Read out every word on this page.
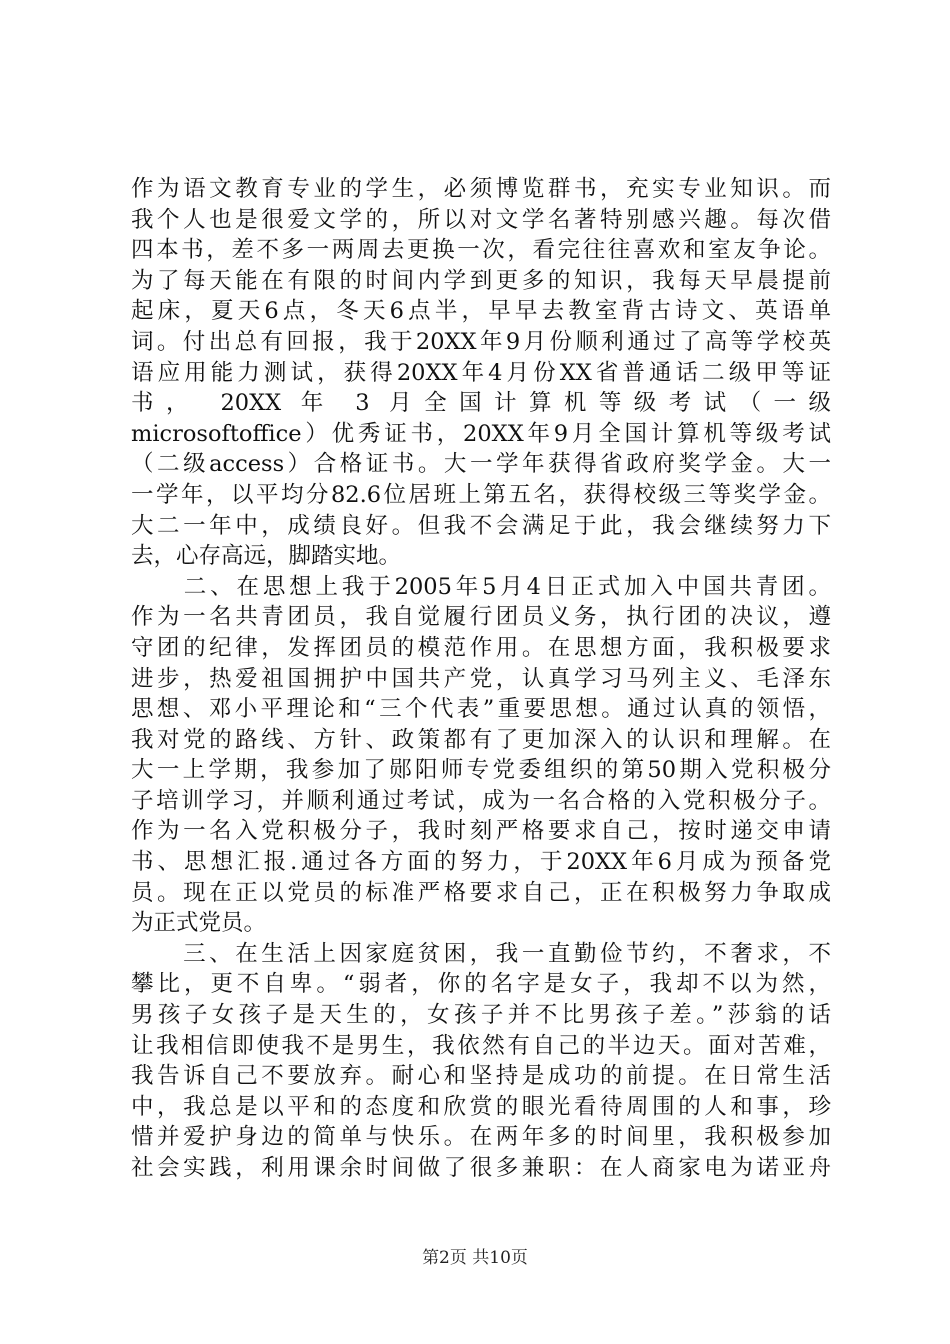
作为语文教育专业的学生，必须博览群书，充实专业知识。而
我个人也是很爱文学的，所以对文学名著特别感兴趣。每次借
四本书，差不多一两周去更换一次，看完往往喜欢和室友争论。
为了每天能在有限的时间内学到更多的知识，我每天早晨提前
起床，夏天6点，冬天6点半，早早去教室背古诗文、英语单
词。付出总有回报，我于20XX年9月份顺利通过了高等学校英
语应用能力测试，获得20XX年4月份XX省普通话二级甲等证
书， 20XX 年 3 月全国计算机等级考试（一级
microsoftoffice）优秀证书，20XX年9月全国计算机等级考试
（二级access）合格证书。大一学年获得省政府奖学金。大一
一学年，以平均分82.6位居班上第五名，获得校级三等奖学金。
大二一年中，成绩良好。但我不会满足于此，我会继续努力下
去，心存高远，脚踏实地。
　　二、在思想上我于2005年5月4日正式加入中国共青团。
作为一名共青团员，我自觉履行团员义务，执行团的决议，遵
守团的纪律，发挥团员的模范作用。在思想方面，我积极要求
进步，热爱祖国拥护中国共产党，认真学习马列主义、毛泽东
思想、邓小平理论和“三个代表”重要思想。通过认真的领悟，
我对党的路线、方针、政策都有了更加深入的认识和理解。在
大一上学期，我参加了郧阳师专党委组织的第50期入党积极分
子培训学习，并顺利通过考试，成为一名合格的入党积极分子。
作为一名入党积极分子，我时刻严格要求自己，按时递交申请
书、思想汇报.通过各方面的努力，于20XX年6月成为预备党
员。现在正以党员的标准严格要求自己，正在积极努力争取成
为正式党员。
　　三、在生活上因家庭贫困，我一直勤俭节约，不奢求，不
攀比，更不自卑。“弱者，你的名字是女子，我却不以为然，
男孩子女孩子是天生的，女孩子并不比男孩子差。”莎翁的话
让我相信即使我不是男生，我依然有自己的半边天。面对苦难，
我告诉自己不要放弃。耐心和坚持是成功的前提。在日常生活
中，我总是以平和的态度和欣赏的眼光看待周围的人和事，珍
惜并爱护身边的简单与快乐。在两年多的时间里，我积极参加
社会实践，利用课余时间做了很多兼职：在人商家电为诺亚舟
第2页 共10页
